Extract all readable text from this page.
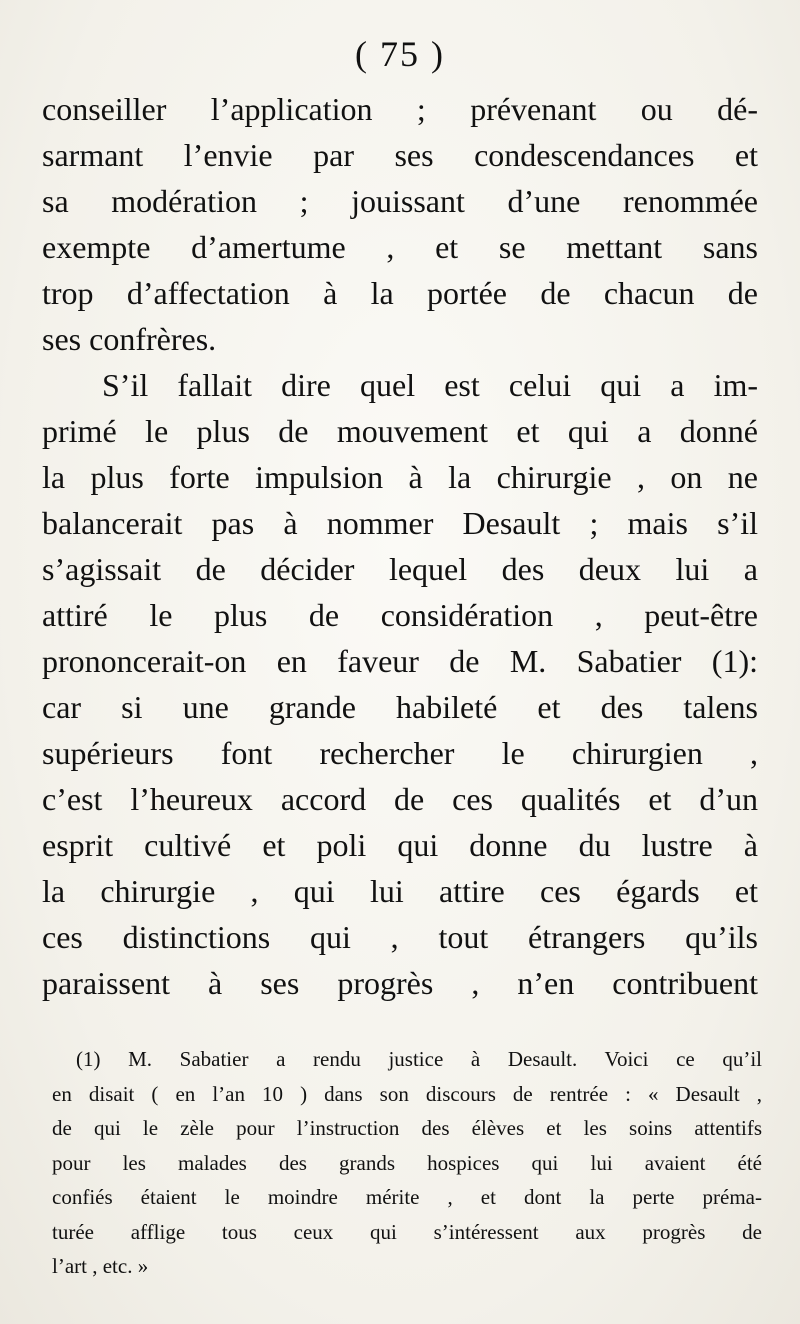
( 75 )
conseiller l’application ; prévenant ou dé-
sarmant l’envie par ses condescendances et
sa modération ; jouissant d’une renommée
exempte d’amertume , et se mettant sans
trop d’affectation à la portée de chacun de
ses confrères.
S’il fallait dire quel est celui qui a im-
primé le plus de mouvement et qui a donné
la plus forte impulsion à la chirurgie , on ne
balancerait pas à nommer Desault ; mais s’il
s’agissait de décider lequel des deux lui a
attiré le plus de considération , peut-être
prononcerait-on en faveur de M. Sabatier (1):
car si une grande habileté et des talens
supérieurs font rechercher le chirurgien ,
c’est l’heureux accord de ces qualités et d’un
esprit cultivé et poli qui donne du lustre à
la chirurgie , qui lui attire ces égards et
ces distinctions qui , tout étrangers qu’ils
paraissent à ses progrès , n’en contribuent
(1) M. Sabatier a rendu justice à Desault. Voici ce qu’il
en disait ( en l’an 10 ) dans son discours de rentrée : « Desault ,
de qui le zèle pour l’instruction des élèves et les soins attentifs
pour les malades des grands hospices qui lui avaient été
confiés étaient le moindre mérite , et dont la perte préma-
turée afflige tous ceux qui s’intéressent aux progrès de
l’art , etc. »
